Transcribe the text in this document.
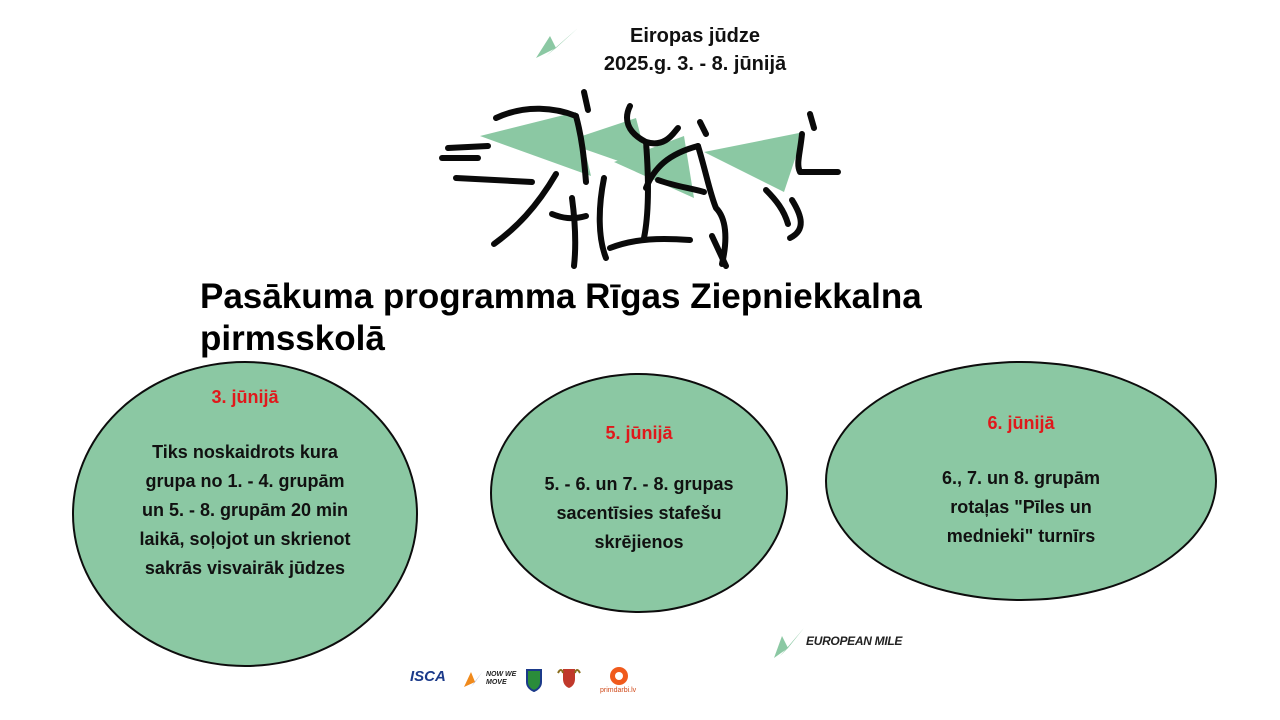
Eiropas jūdze
2025.g. 3. - 8. jūnijā
Pasākuma programma Rīgas Ziepniekkalna pirmsskolā
3. jūnijā
Tiks noskaidrots kura grupa no 1. - 4. grupām un 5. - 8. grupām 20 min laikā, soļojot un skrienot sakrās visvairāk jūdzes
5. jūnijā
5. - 6. un 7. - 8. grupas sacentīsies stafešu skrējienos
6. jūnijā
6., 7. un 8. grupām rotaļas "Pīles un mednieki" turnīrs
EUROPEAN MILE
ISCA	NOW WE MOVE
primdarbi.lv
